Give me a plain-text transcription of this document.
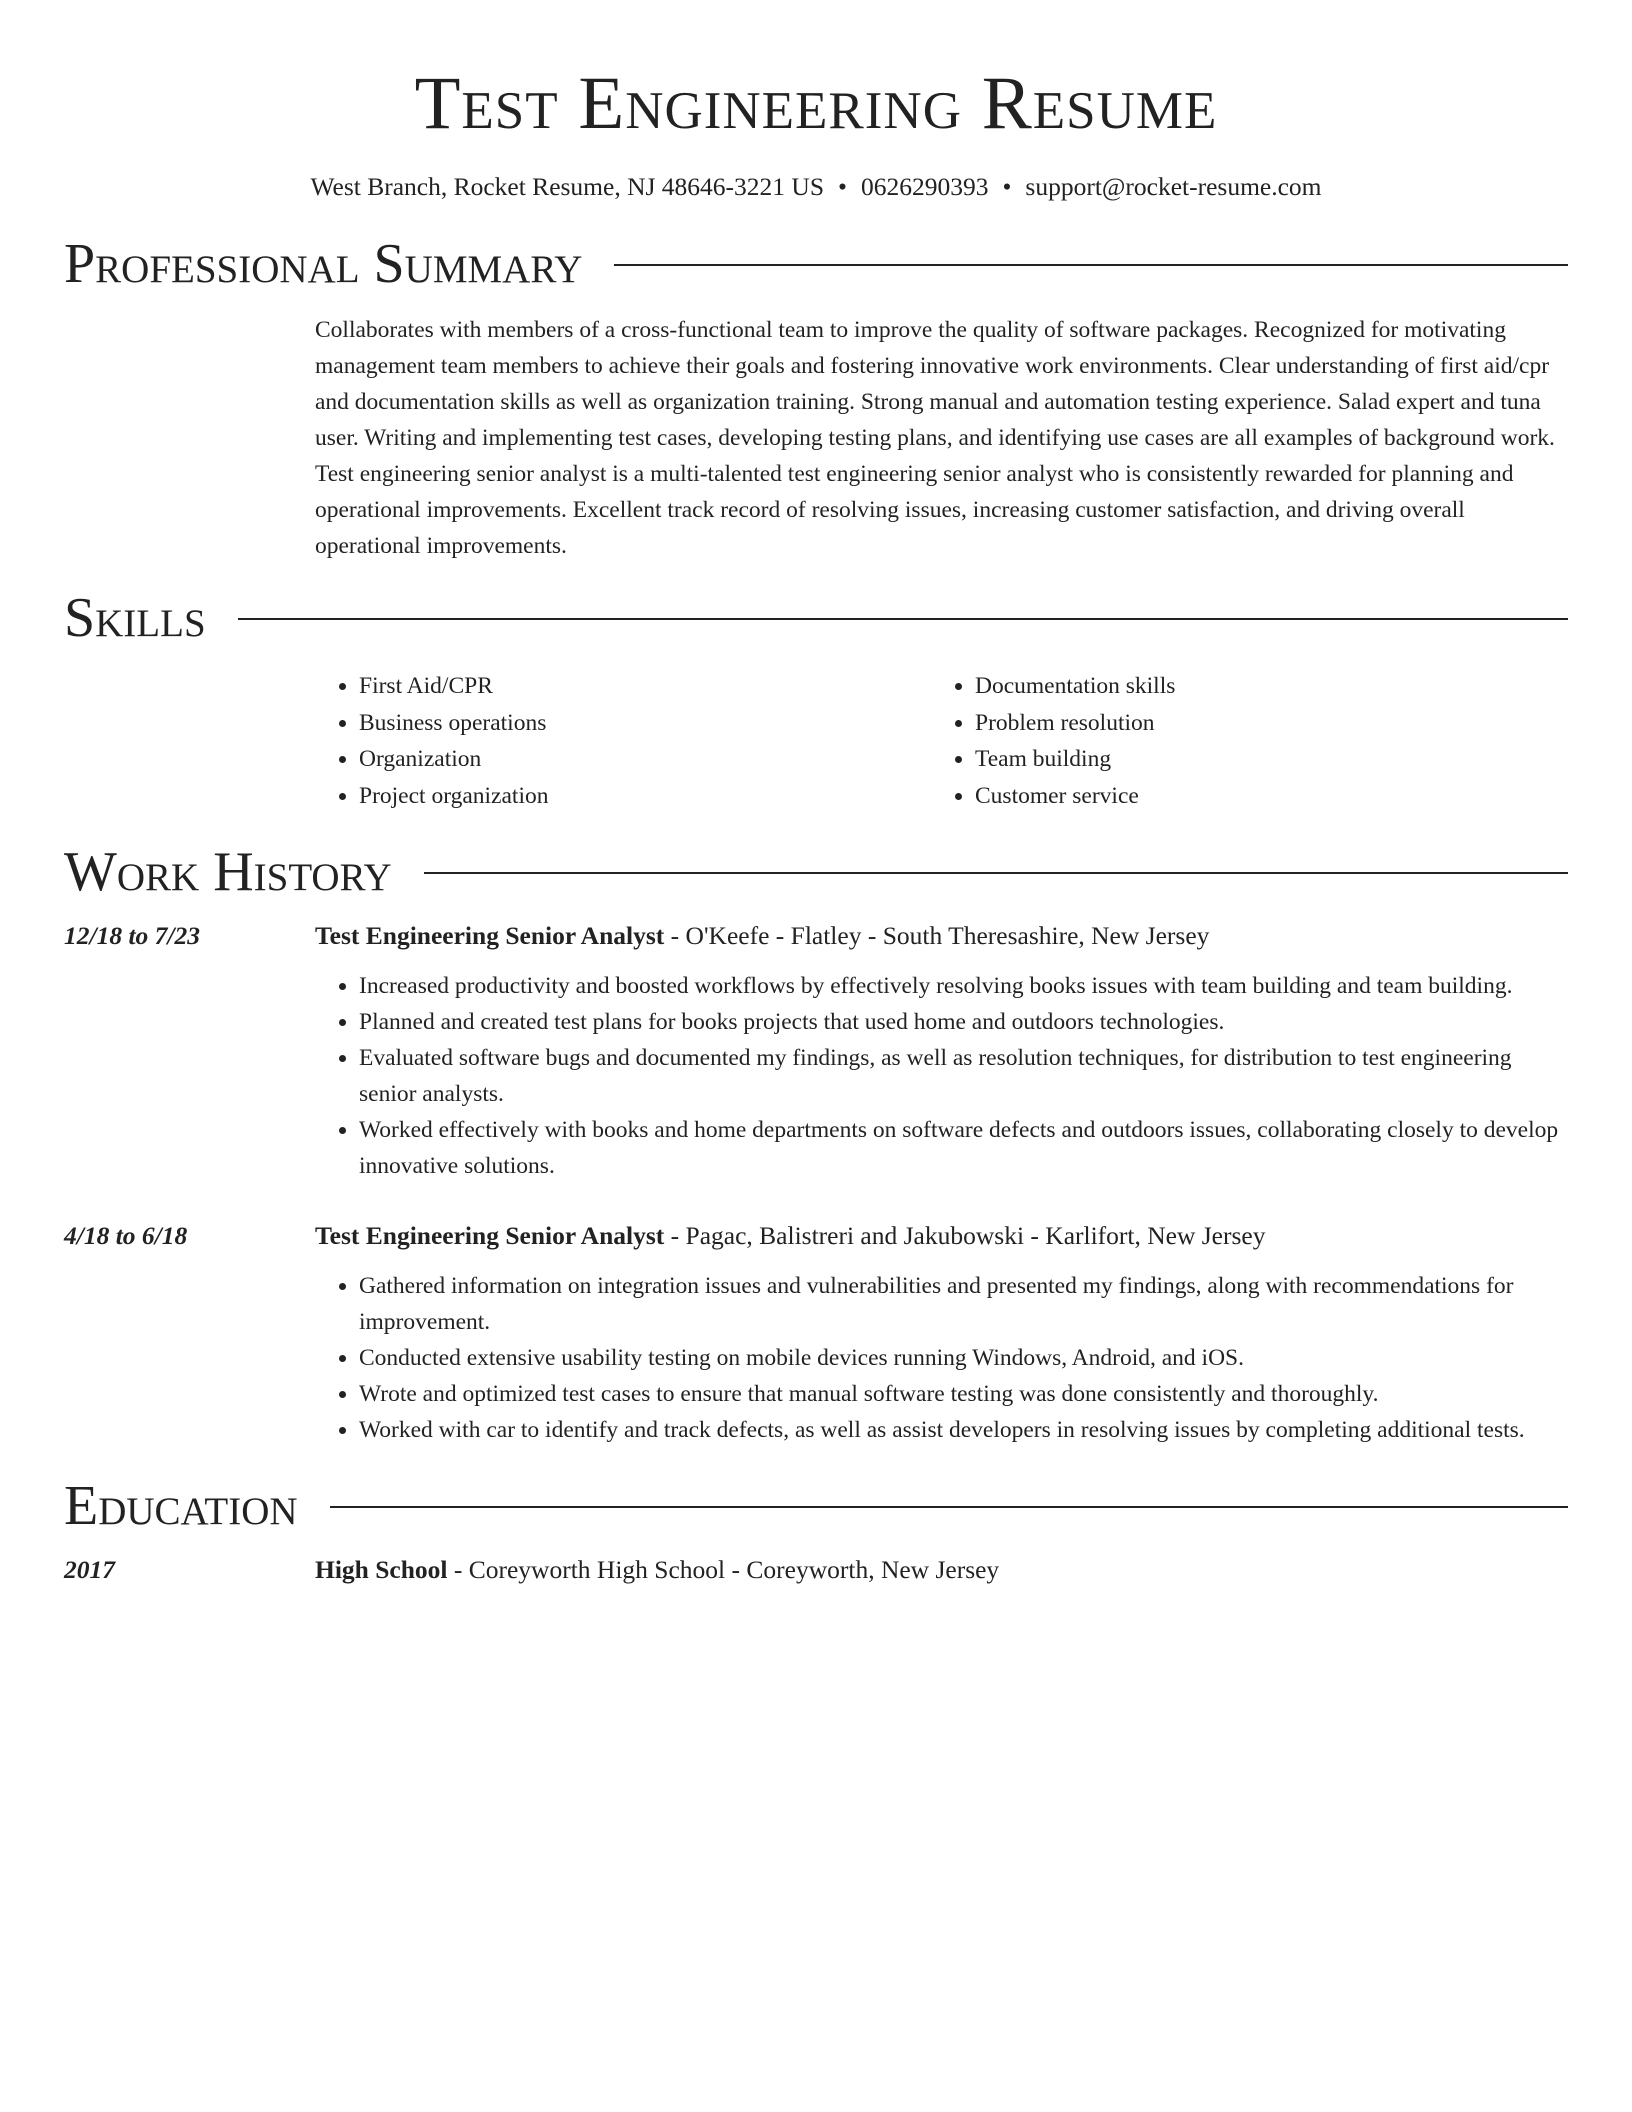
Test Engineering Resume
West Branch, Rocket Resume, NJ 48646-3221 US • 0626290393 • support@rocket-resume.com
Professional Summary
Collaborates with members of a cross-functional team to improve the quality of software packages. Recognized for motivating management team members to achieve their goals and fostering innovative work environments. Clear understanding of first aid/cpr and documentation skills as well as organization training. Strong manual and automation testing experience. Salad expert and tuna user. Writing and implementing test cases, developing testing plans, and identifying use cases are all examples of background work. Test engineering senior analyst is a multi-talented test engineering senior analyst who is consistently rewarded for planning and operational improvements. Excellent track record of resolving issues, increasing customer satisfaction, and driving overall operational improvements.
Skills
• First Aid/CPR
• Business operations
• Organization
• Project organization
• Documentation skills
• Problem resolution
• Team building
• Customer service
Work History
12/18 to 7/23	Test Engineering Senior Analyst - O'Keefe - Flatley - South Theresashire, New Jersey
• Increased productivity and boosted workflows by effectively resolving books issues with team building and team building.
• Planned and created test plans for books projects that used home and outdoors technologies.
• Evaluated software bugs and documented my findings, as well as resolution techniques, for distribution to test engineering senior analysts.
• Worked effectively with books and home departments on software defects and outdoors issues, collaborating closely to develop innovative solutions.
4/18 to 6/18	Test Engineering Senior Analyst - Pagac, Balistreri and Jakubowski - Karlifort, New Jersey
• Gathered information on integration issues and vulnerabilities and presented my findings, along with recommendations for improvement.
• Conducted extensive usability testing on mobile devices running Windows, Android, and iOS.
• Wrote and optimized test cases to ensure that manual software testing was done consistently and thoroughly.
• Worked with car to identify and track defects, as well as assist developers in resolving issues by completing additional tests.
Education
2017	High School - Coreyworth High School - Coreyworth, New Jersey
